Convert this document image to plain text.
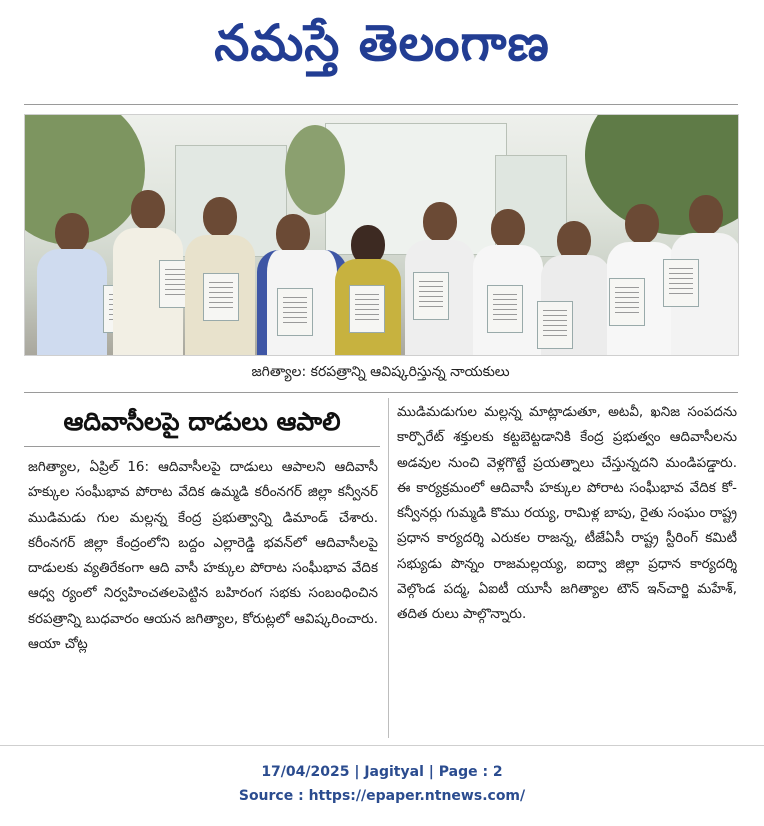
నమస్తే తెలంగాణ
జగిత్యాల: కరపత్రాన్ని ఆవిష్కరిస్తున్న నాయకులు
ఆదివాసీలపై దాడులు ఆపాలి
జగిత్యాల, ఏప్రిల్ 16: ఆదివాసీలపై దాడులు ఆపాలని ఆదివాసీ హక్కుల సంఘీభావ పోరాట వేదిక ఉమ్మడి కరీంనగర్ జిల్లా కన్వీనర్ ముడిమడు గుల మల్లన్న కేంద్ర ప్రభుత్వాన్ని డిమాండ్ చేశారు. కరీంనగర్ జిల్లా కేంద్రంలోని బద్దం ఎల్లారెడ్డి భవన్‌లో ఆదివాసీలపై దాడులకు వ్యతిరేకంగా ఆది వాసీ హక్కుల పోరాట సంఘీభావ వేదిక ఆధ్వ ర్యంలో నిర్వహించతలపెట్టిన బహిరంగ సభకు సంబంధించిన కరపత్రాన్ని బుధవారం ఆయన జగిత్యాల, కోరుట్లలో ఆవిష్కరించారు. ఆయా చోట్ల
ముడిమడుగుల మల్లన్న మాట్లాడుతూ, అటవీ, ఖనిజ సంపదను కార్పొరేట్ శక్తులకు కట్టబెట్టడానికి కేంద్ర ప్రభుత్వం ఆదివాసీలను అడవుల నుంచి వెళ్లగొట్టే ప్రయత్నాలు చేస్తున్నదని మండిపడ్డారు. ఈ కార్యక్రమంలో ఆదివాసీ హక్కుల పోరాట సంఘీభావ వేదిక కో-కన్వీనర్లు గుమ్మడి కొము రయ్య, రామిళ్ల బాపు, రైతు సంఘం రాష్ట్ర ప్రధాన కార్యదర్శి ఎరుకల రాజన్న, టీజేఏసీ రాష్ట్ర స్టీరింగ్ కమిటీ సభ్యుడు పొన్నం రాజమల్లయ్య, ఐద్వా జిల్లా ప్రధాన కార్యదర్శి వెల్గొండ పద్మ, ఏఐటీ యూసీ జగిత్యాల టౌన్ ఇన్‌చార్జి మహేశ్, తదిత రులు పాల్గొన్నారు.
17/04/2025 | Jagityal | Page : 2
Source : https://epaper.ntnews.com/
